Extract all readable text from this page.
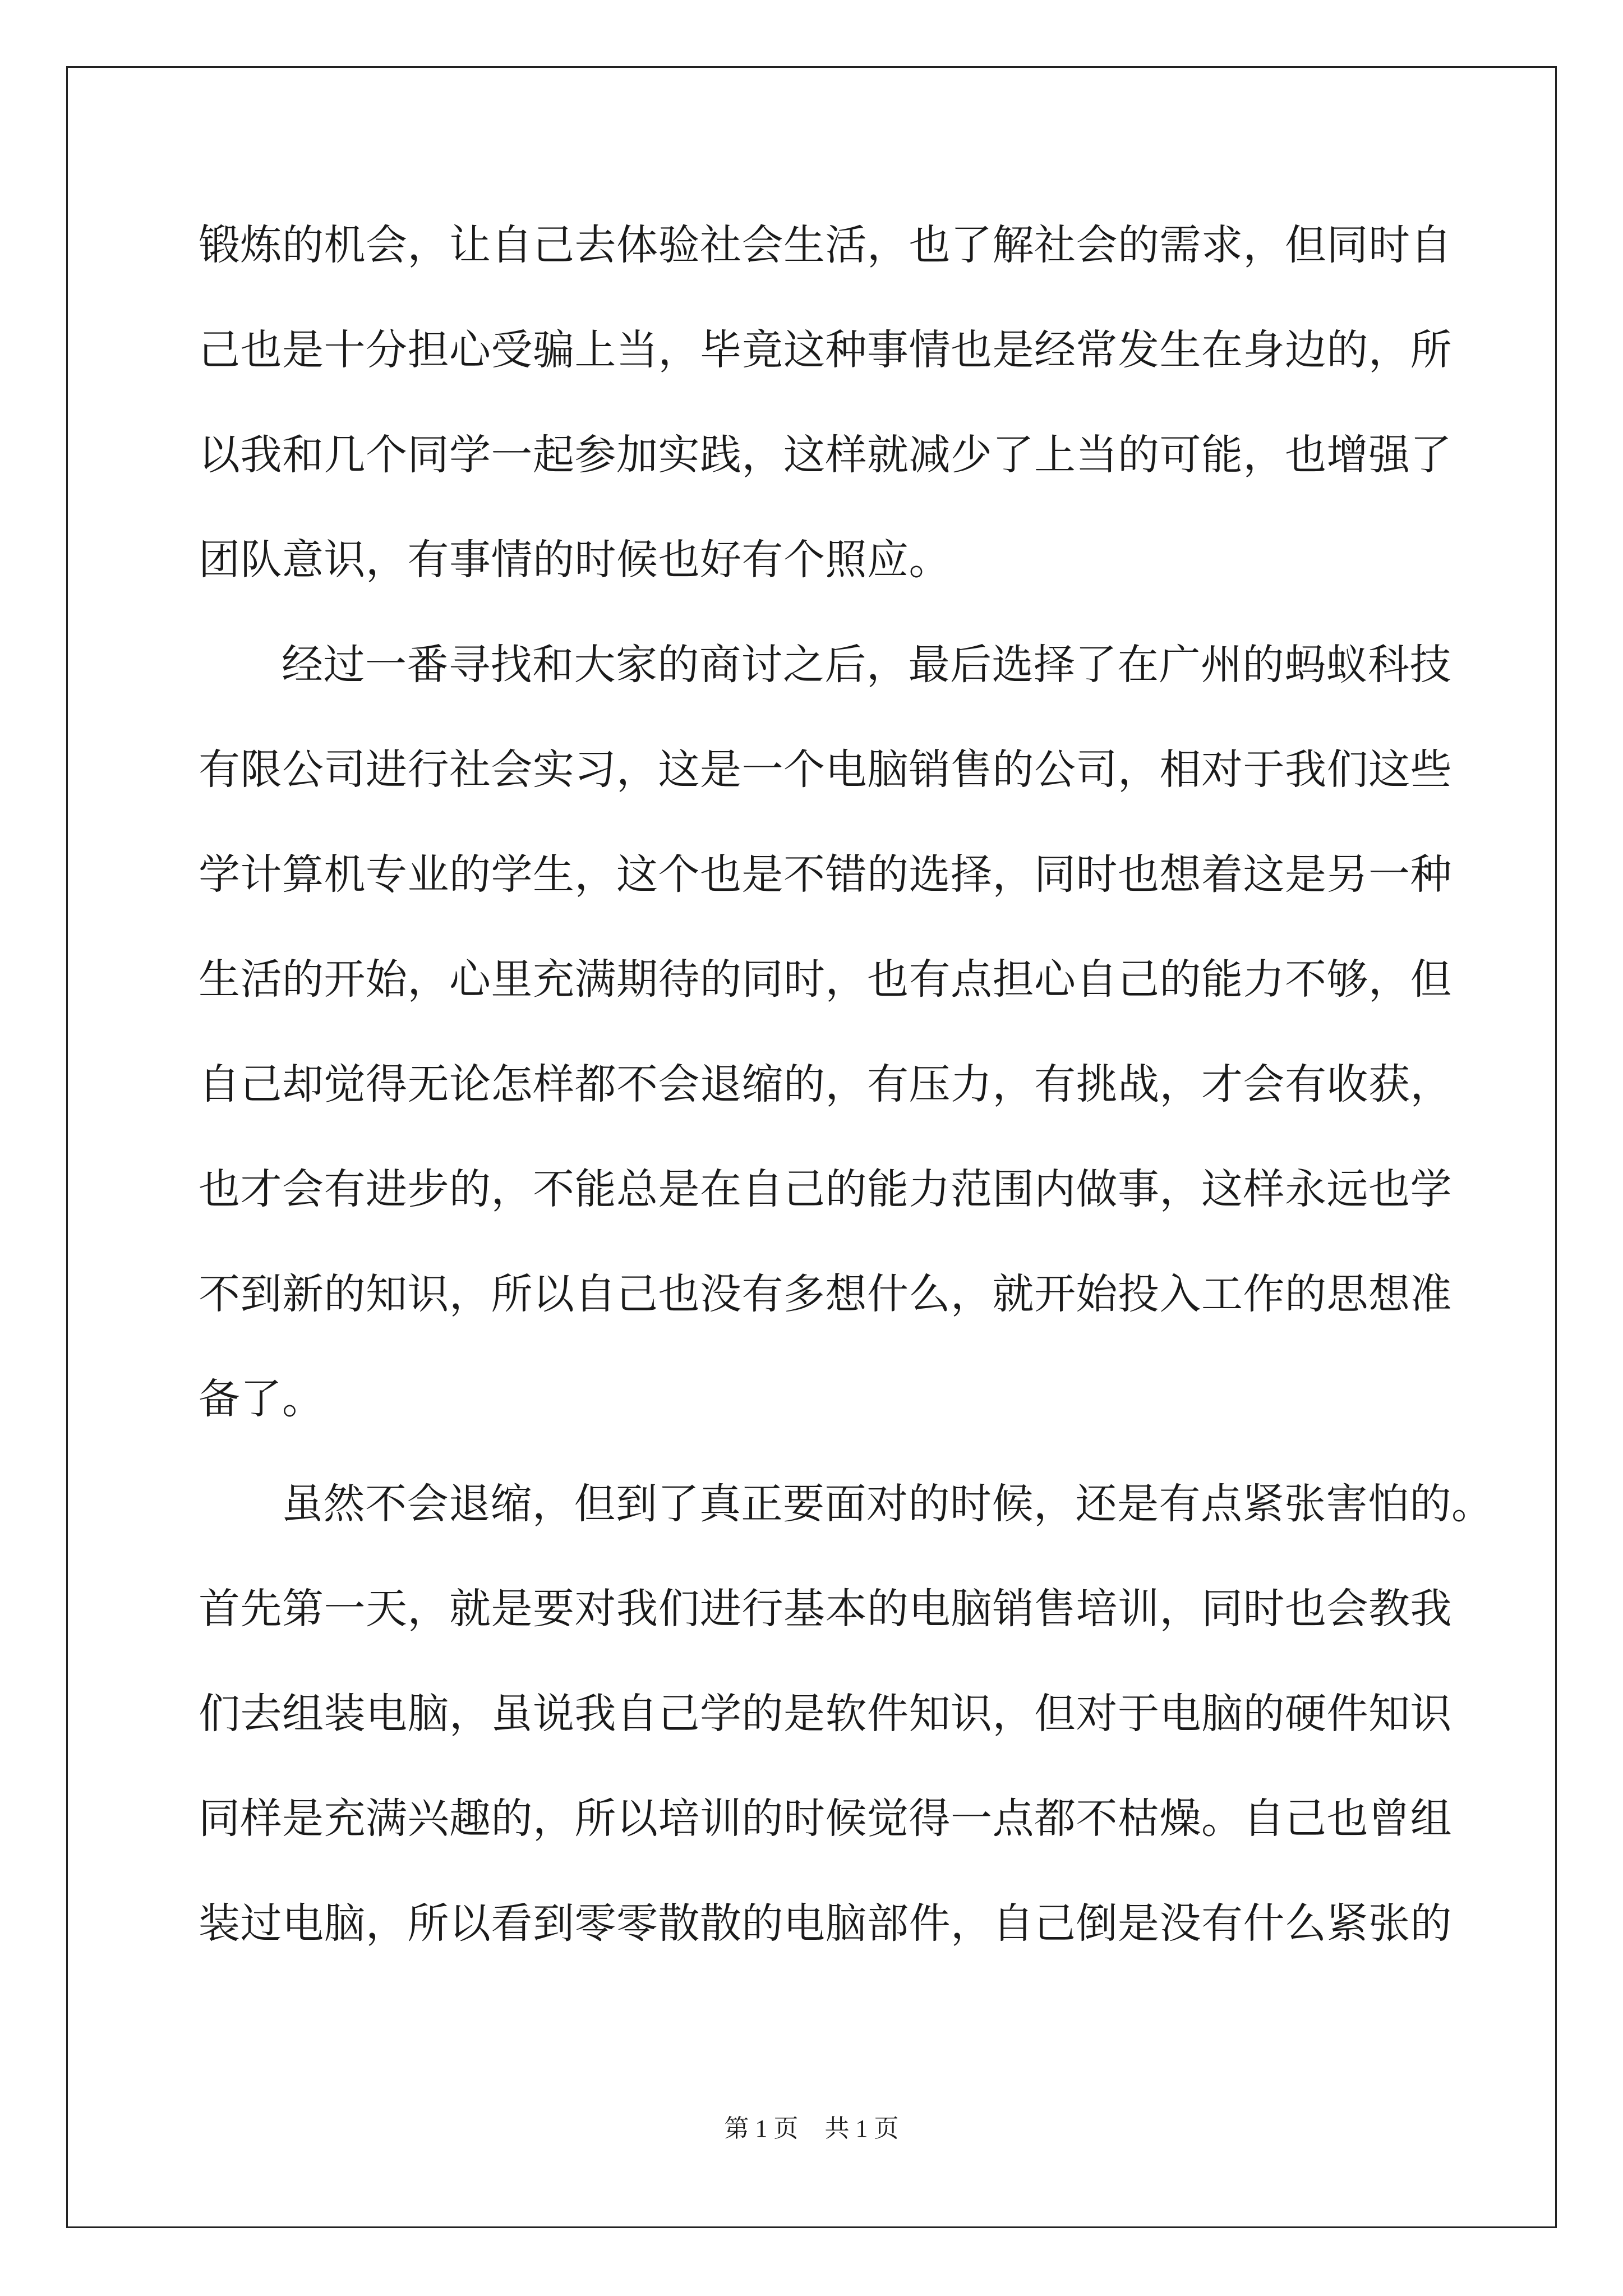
锻炼的机会，让自己去体验社会生活，也了解社会的需求，但同时自
己也是十分担心受骗上当，毕竟这种事情也是经常发生在身边的，所
以我和几个同学一起参加实践，这样就减少了上当的可能，也增强了
团队意识，有事情的时候也好有个照应。
经过一番寻找和大家的商讨之后，最后选择了在广州的蚂蚁科技
有限公司进行社会实习，这是一个电脑销售的公司，相对于我们这些
学计算机专业的学生，这个也是不错的选择，同时也想着这是另一种
生活的开始，心里充满期待的同时，也有点担心自己的能力不够，但
自己却觉得无论怎样都不会退缩的，有压力，有挑战，才会有收获，
也才会有进步的，不能总是在自己的能力范围内做事，这样永远也学
不到新的知识，所以自己也没有多想什么，就开始投入工作的思想准
备了。
虽然不会退缩，但到了真正要面对的时候，还是有点紧张害怕的。
首先第一天，就是要对我们进行基本的电脑销售培训，同时也会教我
们去组装电脑，虽说我自己学的是软件知识，但对于电脑的硬件知识
同样是充满兴趣的，所以培训的时候觉得一点都不枯燥。自己也曾组
装过电脑，所以看到零零散散的电脑部件，自己倒是没有什么紧张的
第 1 页 共 1 页
